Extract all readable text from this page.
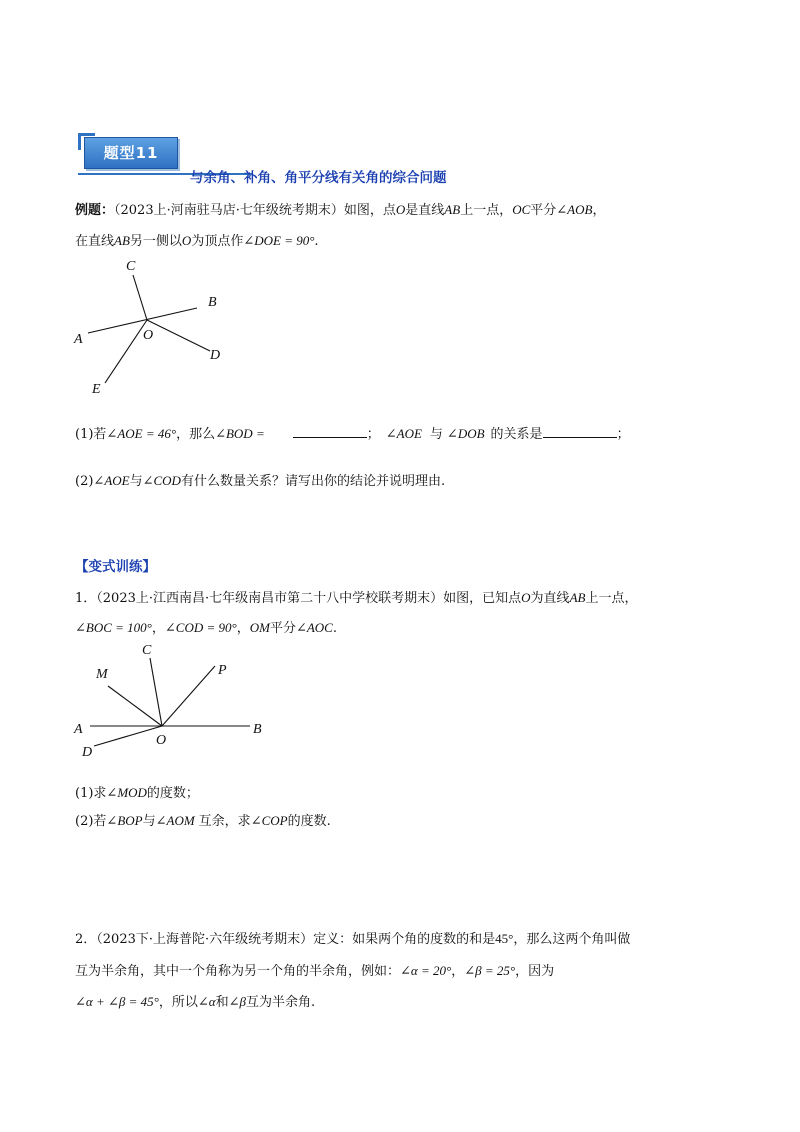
题型11
与余角、补角、角平分线有关角的综合问题
例题：（2023上·河南驻马店·七年级统考期末）如图，点O是直线AB上一点，OC平分∠AOB，
在直线AB另一侧以O为顶点作∠DOE = 90°.
C
B
A	O
D
E
(1)若∠AOE = 46°，那么∠BOD =	； ∠AOE 与 ∠DOB 的关系是	；
(2)∠AOE与∠COD有什么数量关系？请写出你的结论并说明理由.
【变式训练】
1．（2023上·江西南昌·七年级南昌市第二十八中学校联考期末）如图，已知点O为直线AB上一点，
∠BOC = 100°，∠COD = 90°，OM平分∠AOC.
M
C
P
A
O
B
D
(1)求∠MOD的度数；
(2)若∠BOP与∠AOM 互余，求∠COP的度数.
2．（2023下·上海普陀·六年级统考期末）定义：如果两个角的度数的和是45°，那么这两个角叫做
互为半余角，其中一个角称为另一个角的半余角，例如：∠α = 20°，∠β = 25°，因为
∠α + ∠β = 45°，所以∠α和∠β互为半余角.
